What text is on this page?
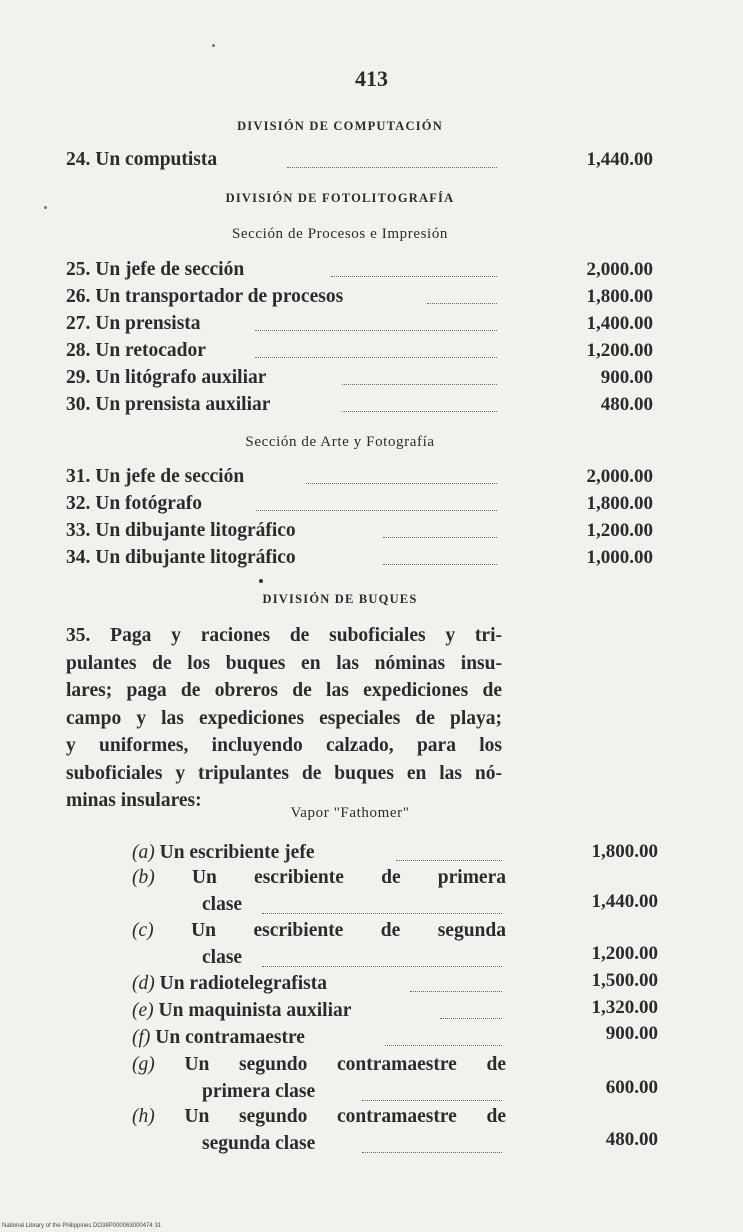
413
DIVISIÓN DE COMPUTACIÓN
24. Un computista	1,440.00
DIVISIÓN DE FOTOLITOGRAFÍA
Sección de Procesos e Impresión
25. Un jefe de sección	2,000.00
26. Un transportador de procesos	1,800.00
27. Un prensista	1,400.00
28. Un retocador	1,200.00
29. Un litógrafo auxiliar	900.00
30. Un prensista auxiliar	480.00
Sección de Arte y Fotografía
31. Un jefe de sección	2,000.00
32. Un fotógrafo	1,800.00
33. Un dibujante litográfico	1,200.00
34. Un dibujante litográfico	1,000.00
DIVISIÓN DE BUQUES
35. Paga y raciones de suboficiales y tri-
pulantes de los buques en las nóminas insu-
lares; paga de obreros de las expediciones de
campo y las expediciones especiales de playa;
y uniformes, incluyendo calzado, para los
suboficiales y tripulantes de buques en las nó-
minas insulares:
Vapor "Fathomer"
(a) Un escribiente jefe	1,800.00
(b) Un escribiente de primera
clase	1,440.00
(c) Un escribiente de segunda
clase	1,200.00
(d) Un radiotelegrafista	1,500.00
(e) Un maquinista auxiliar	1,320.00
(f) Un contramaestre	900.00
(g) Un segundo contramaestre de
primera clase	600.00
(h) Un segundo contramaestre de
segunda clase	480.00
National Library of the Philippines DO38P000063000474 31
